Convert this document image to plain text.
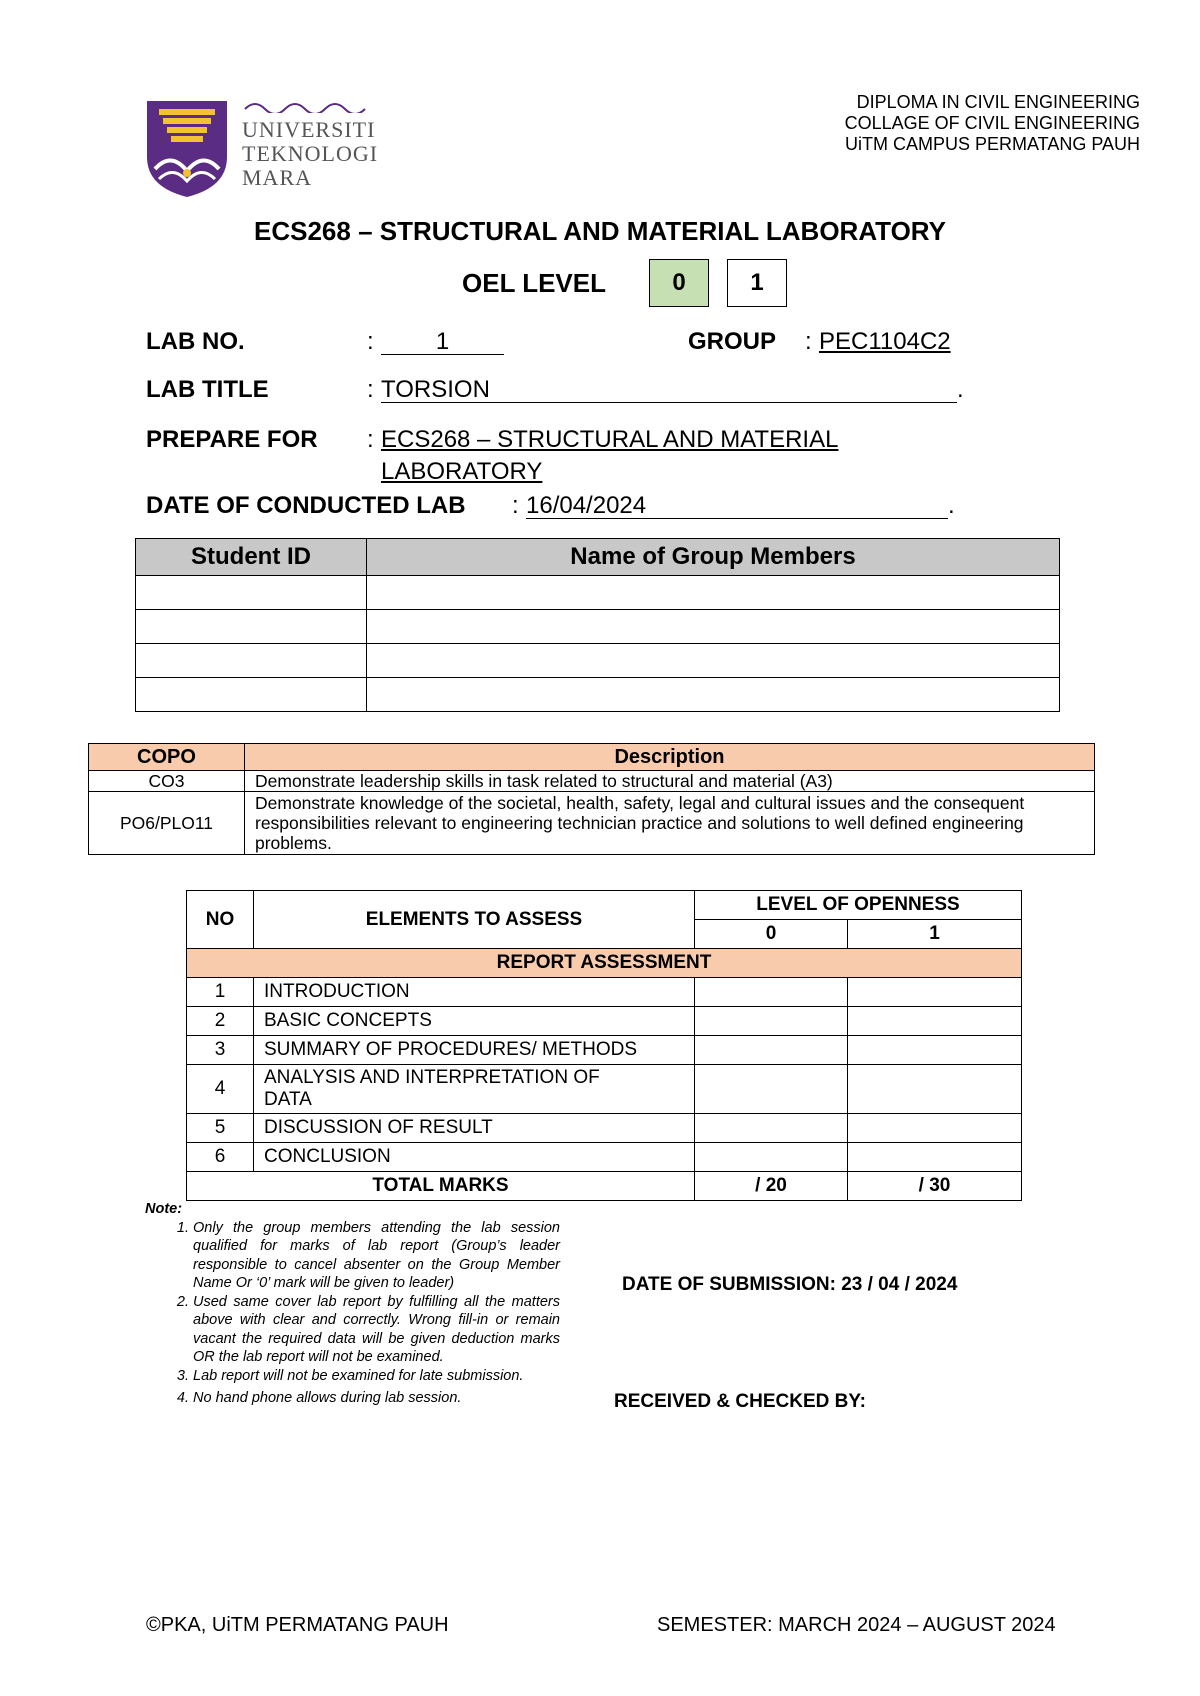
UNIVERSITI
TEKNOLOGI
MARA
DIPLOMA IN CIVIL ENGINEERING
COLLAGE OF CIVIL ENGINEERING
UiTM CAMPUS PERMATANG PAUH
ECS268 – STRUCTURAL AND MATERIAL LABORATORY
OEL LEVEL	0	1
LAB NO.	:	1	GROUP : PEC1104C2
LAB TITLE	: TORSION	.
PREPARE FOR : ECS268 – STRUCTURAL AND MATERIAL
LABORATORY
DATE OF CONDUCTED LAB : 16/04/2024	.
Student ID	Name of Group Members

COPO	Description
CO3	Demonstrate leadership skills in task related to structural and material (A3)
PO6/PLO11	Demonstrate knowledge of the societal, health, safety, legal and cultural issues and the consequent responsibilities relevant to engineering technician practice and solutions to well defined engineering problems.
NO	ELEMENTS TO ASSESS	LEVEL OF OPENNESS	
		0	1
REPORT ASSESSMENT			
1	INTRODUCTION		
2	BASIC CONCEPTS		
3	SUMMARY OF PROCEDURES/ METHODS		
4	ANALYSIS AND INTERPRETATION OF DATA		
5	DISCUSSION OF RESULT		
6	CONCLUSION		
TOTAL MARKS		/ 20	/ 30
Note:
1. Only the group members attending the lab session qualified for marks of lab report (Group’s leader responsible to cancel absenter on the Group Member Name Or ‘0’ mark will be given to leader)
2. Used same cover lab report by fulfilling all the matters above with clear and correctly. Wrong fill-in or remain vacant the required data will be given deduction marks OR the lab report will not be examined.
3. Lab report will not be examined for late submission.
4. No hand phone allows during lab session.
DATE OF SUBMISSION: 23 / 04 / 2024
RECEIVED & CHECKED BY:
©PKA, UiTM PERMATANG PAUH	SEMESTER: MARCH 2024 – AUGUST 2024
